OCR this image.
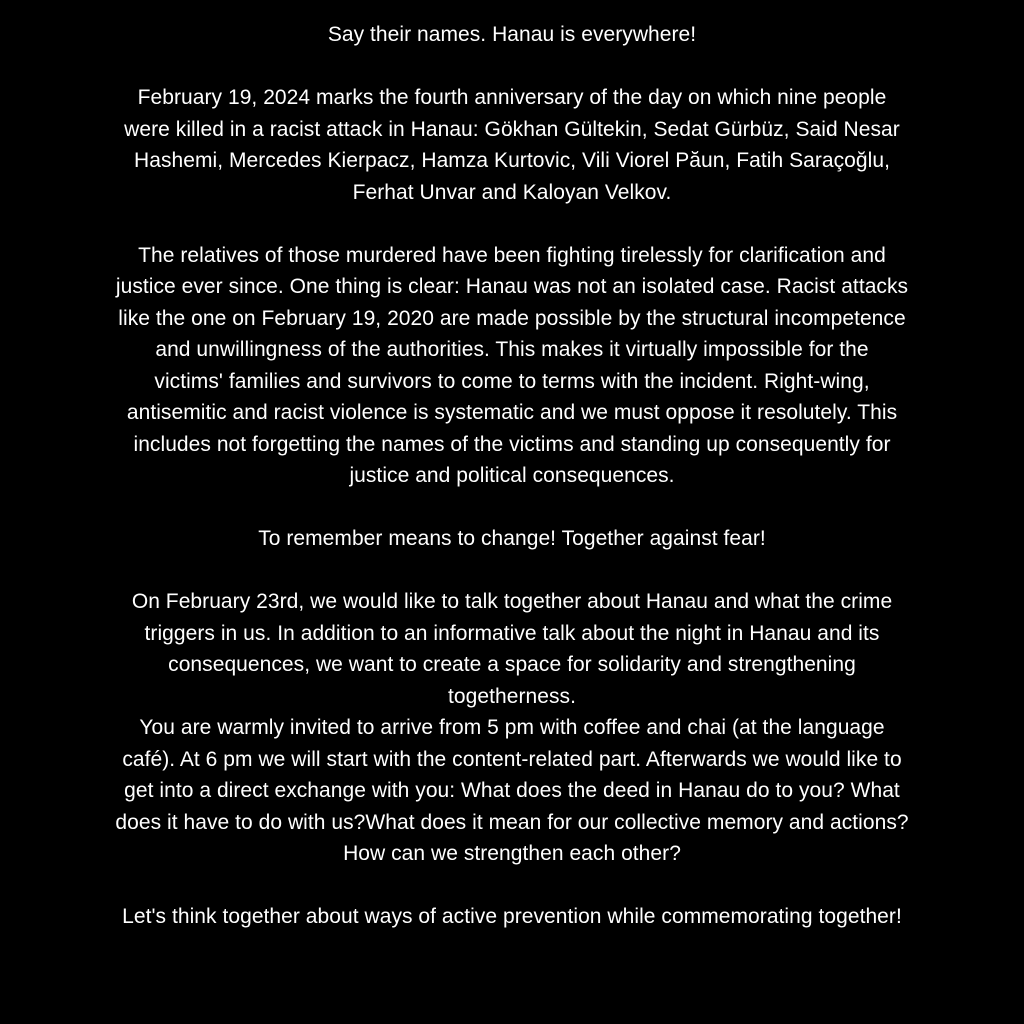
Say their names. Hanau is everywhere!

February 19, 2024 marks the fourth anniversary of the day on which nine people
were killed in a racist attack in Hanau: Gökhan Gültekin, Sedat Gürbüz, Said Nesar
Hashemi, Mercedes Kierpacz, Hamza Kurtovic, Vili Viorel Păun, Fatih Saraçoğlu,
Ferhat Unvar and Kaloyan Velkov.

The relatives of those murdered have been fighting tirelessly for clarification and
justice ever since. One thing is clear: Hanau was not an isolated case. Racist attacks
like the one on February 19, 2020 are made possible by the structural incompetence
and unwillingness of the authorities. This makes it virtually impossible for the
victims' families and survivors to come to terms with the incident. Right-wing,
antisemitic and racist violence is systematic and we must oppose it resolutely. This
includes not forgetting the names of the victims and standing up consequently for
justice and political consequences.

To remember means to change! Together against fear!

On February 23rd, we would like to talk together about Hanau and what the crime
triggers in us. In addition to an informative talk about the night in Hanau and its
consequences, we want to create a space for solidarity and strengthening
togetherness.

You are warmly invited to arrive from 5 pm with coffee and chai (at the language
café). At 6 pm we will start with the content-related part. Afterwards we would like to
get into a direct exchange with you: What does the deed in Hanau do to you? What
does it have to do with us?What does it mean for our collective memory and actions?
How can we strengthen each other?

Let's think together about ways of active prevention while commemorating together!
